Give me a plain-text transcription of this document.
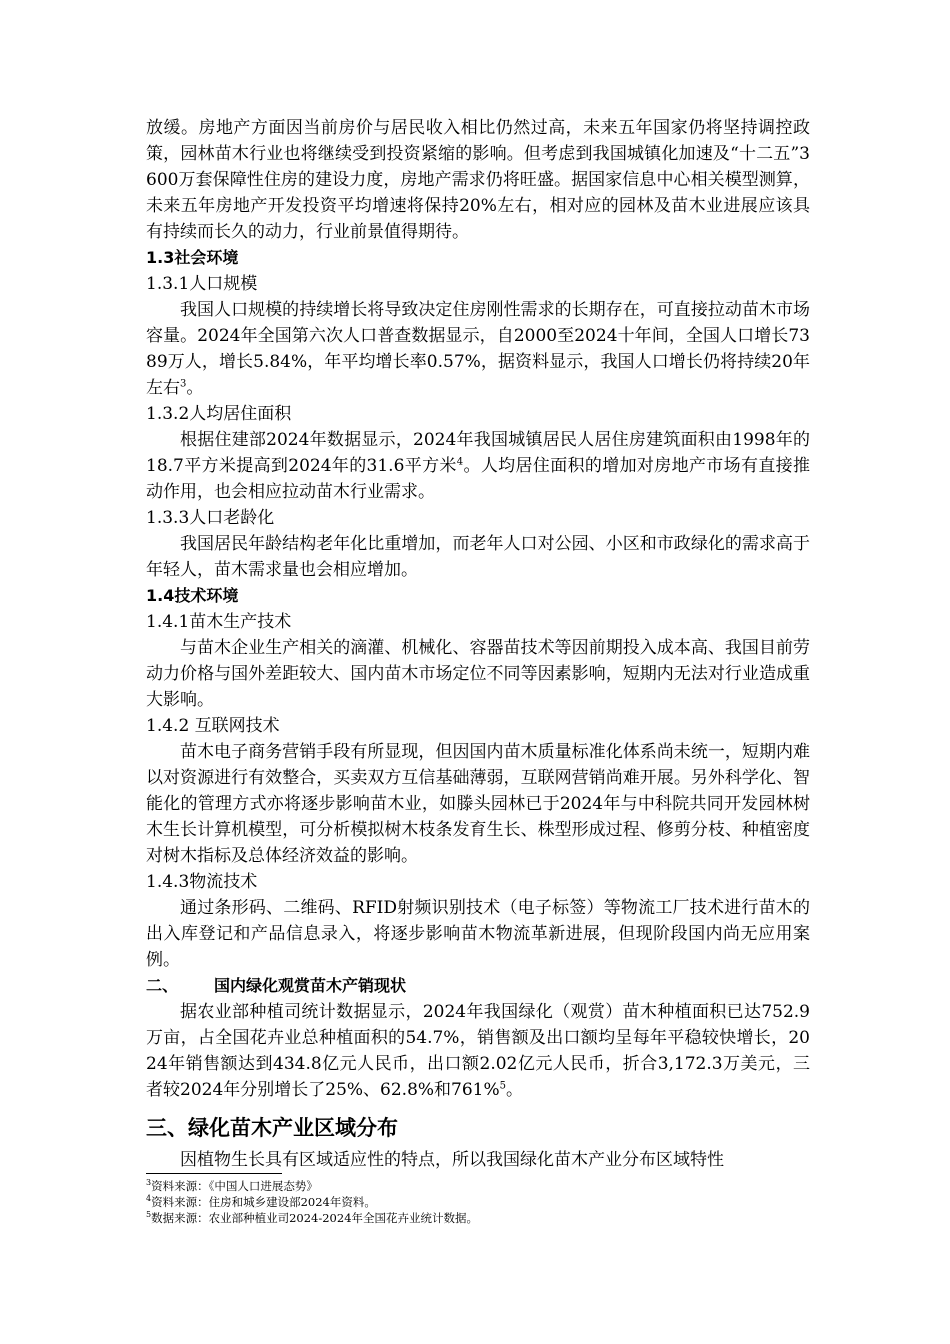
放缓。房地产方面因当前房价与居民收入相比仍然过高，未来五年国家仍将坚持调控政策，园林苗木行业也将继续受到投资紧缩的影响。但考虑到我国城镇化加速及“十二五”3600万套保障性住房的建设力度，房地产需求仍将旺盛。据国家信息中心相关模型测算，未来五年房地产开发投资平均增速将保持20%左右，相对应的园林及苗木业进展应该具有持续而长久的动力，行业前景值得期待。

1.3社会环境

1.3.1人口规模

我国人口规模的持续增长将导致决定住房刚性需求的长期存在，可直接拉动苗木市场容量。2024年全国第六次人口普查数据显示，自2000至2024十年间，全国人口增长7389万人，增长5.84%，年平均增长率0.57%，据资料显示，我国人口增长仍将持续20年左右$^3$。

1.3.2人均居住面积

根据住建部2024年数据显示，2024年我国城镇居民人居住房建筑面积由1998年的18.7平方米提高到2024年的31.6平方米$^4$。人均居住面积的增加对房地产市场有直接推动作用，也会相应拉动苗木行业需求。

1.3.3人口老龄化

我国居民年龄结构老年化比重增加，而老年人口对公园、小区和市政绿化的需求高于年轻人，苗木需求量也会相应增加。

1.4技术环境

1.4.1苗木生产技术

与苗木企业生产相关的滴灌、机械化、容器苗技术等因前期投入成本高、我国目前劳动力价格与国外差距较大、国内苗木市场定位不同等因素影响，短期内无法对行业造成重大影响。

1.4.2 互联网技术

苗木电子商务营销手段有所显现，但因国内苗木质量标准化体系尚未统一，短期内难以对资源进行有效整合，买卖双方互信基础薄弱，互联网营销尚难开展。另外科学化、智能化的管理方式亦将逐步影响苗木业，如滕头园林已于2024年与中科院共同开发园林树木生长计算机模型，可分析模拟树木枝条发育生长、株型形成过程、修剪分枝、种植密度对树木指标及总体经济效益的影响。

1.4.3物流技术

通过条形码、二维码、RFID射频识别技术（电子标签）等物流工厂技术进行苗木的出入库登记和产品信息录入，将逐步影响苗木物流革新进展，但现阶段国内尚无应用案例。

二、 国内绿化观赏苗木产销现状

据农业部种植司统计数据显示，2024年我国绿化（观赏）苗木种植面积已达752.9万亩，占全国花卉业总种植面积的54.7%，销售额及出口额均呈每年平稳较快增长，2024年销售额达到434.8亿元人民币，出口额2.02亿元人民币，折合3,172.3万美元，三者较2024年分别增长了25%、62.8%和761%$^5$。

三、绿化苗木产业区域分布

因植物生长具有区域适应性的特点，所以我国绿化苗木产业分布区域特性

$^3$资料来源：《中国人口进展态势》

$^4$资料来源：住房和城乡建设部2024年资料。

$^5$数据来源：农业部种植业司2024-2024年全国花卉业统计数据。
